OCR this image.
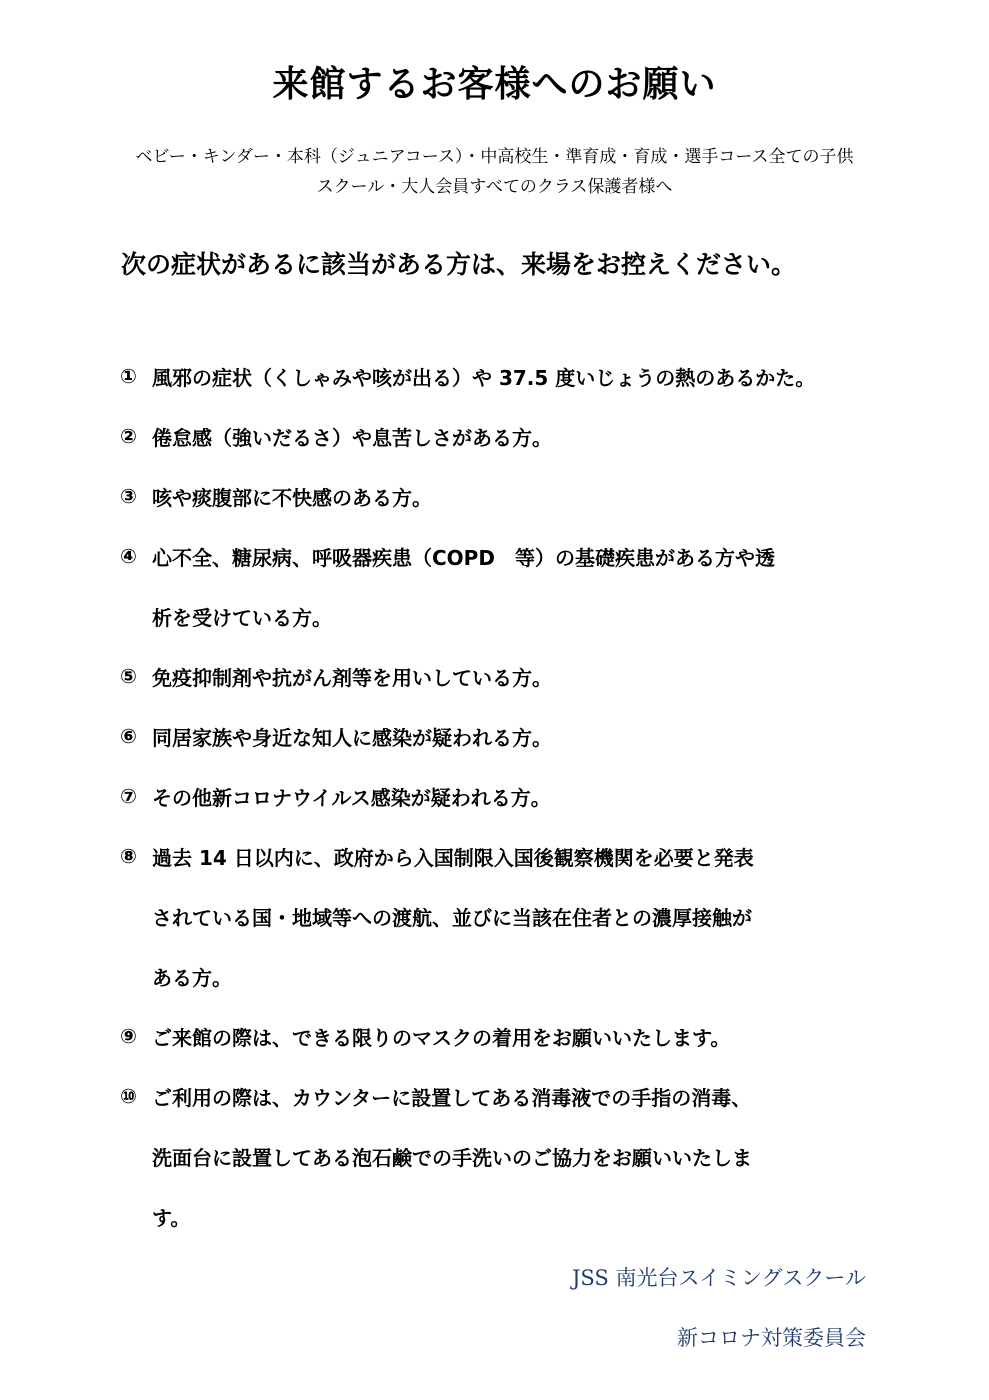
来館するお客様へのお願い
ベビー・キンダー・本科（ジュニアコース）・中高校生・準育成・育成・選手コース全ての子供
スクール・大人会員すべてのクラス保護者様へ
次の症状があるに該当がある方は、来場をお控えください。
① 風邪の症状（くしゃみや咳が出る）や 37.5 度いじょうの熱のあるかた。
② 倦怠感（強いだるさ）や息苦しさがある方。
③ 咳や痰腹部に不快感のある方。
④ 心不全、糖尿病、呼吸器疾患（COPD　等）の基礎疾患がある方や透
析を受けている方。
⑤ 免疫抑制剤や抗がん剤等を用いしている方。
⑥ 同居家族や身近な知人に感染が疑われる方。
⑦ その他新コロナウイルス感染が疑われる方。
⑧ 過去 14 日以内に、政府から入国制限入国後観察機関を必要と発表
されている国・地域等への渡航、並びに当該在住者との濃厚接触が
ある方。
⑨ ご来館の際は、できる限りのマスクの着用をお願いいたします。
⑩ ご利用の際は、カウンターに設置してある消毒液での手指の消毒、
洗面台に設置してある泡石鹸での手洗いのご協力をお願いいたしま
す。
JSS 南光台スイミングスクール
新コロナ対策委員会
